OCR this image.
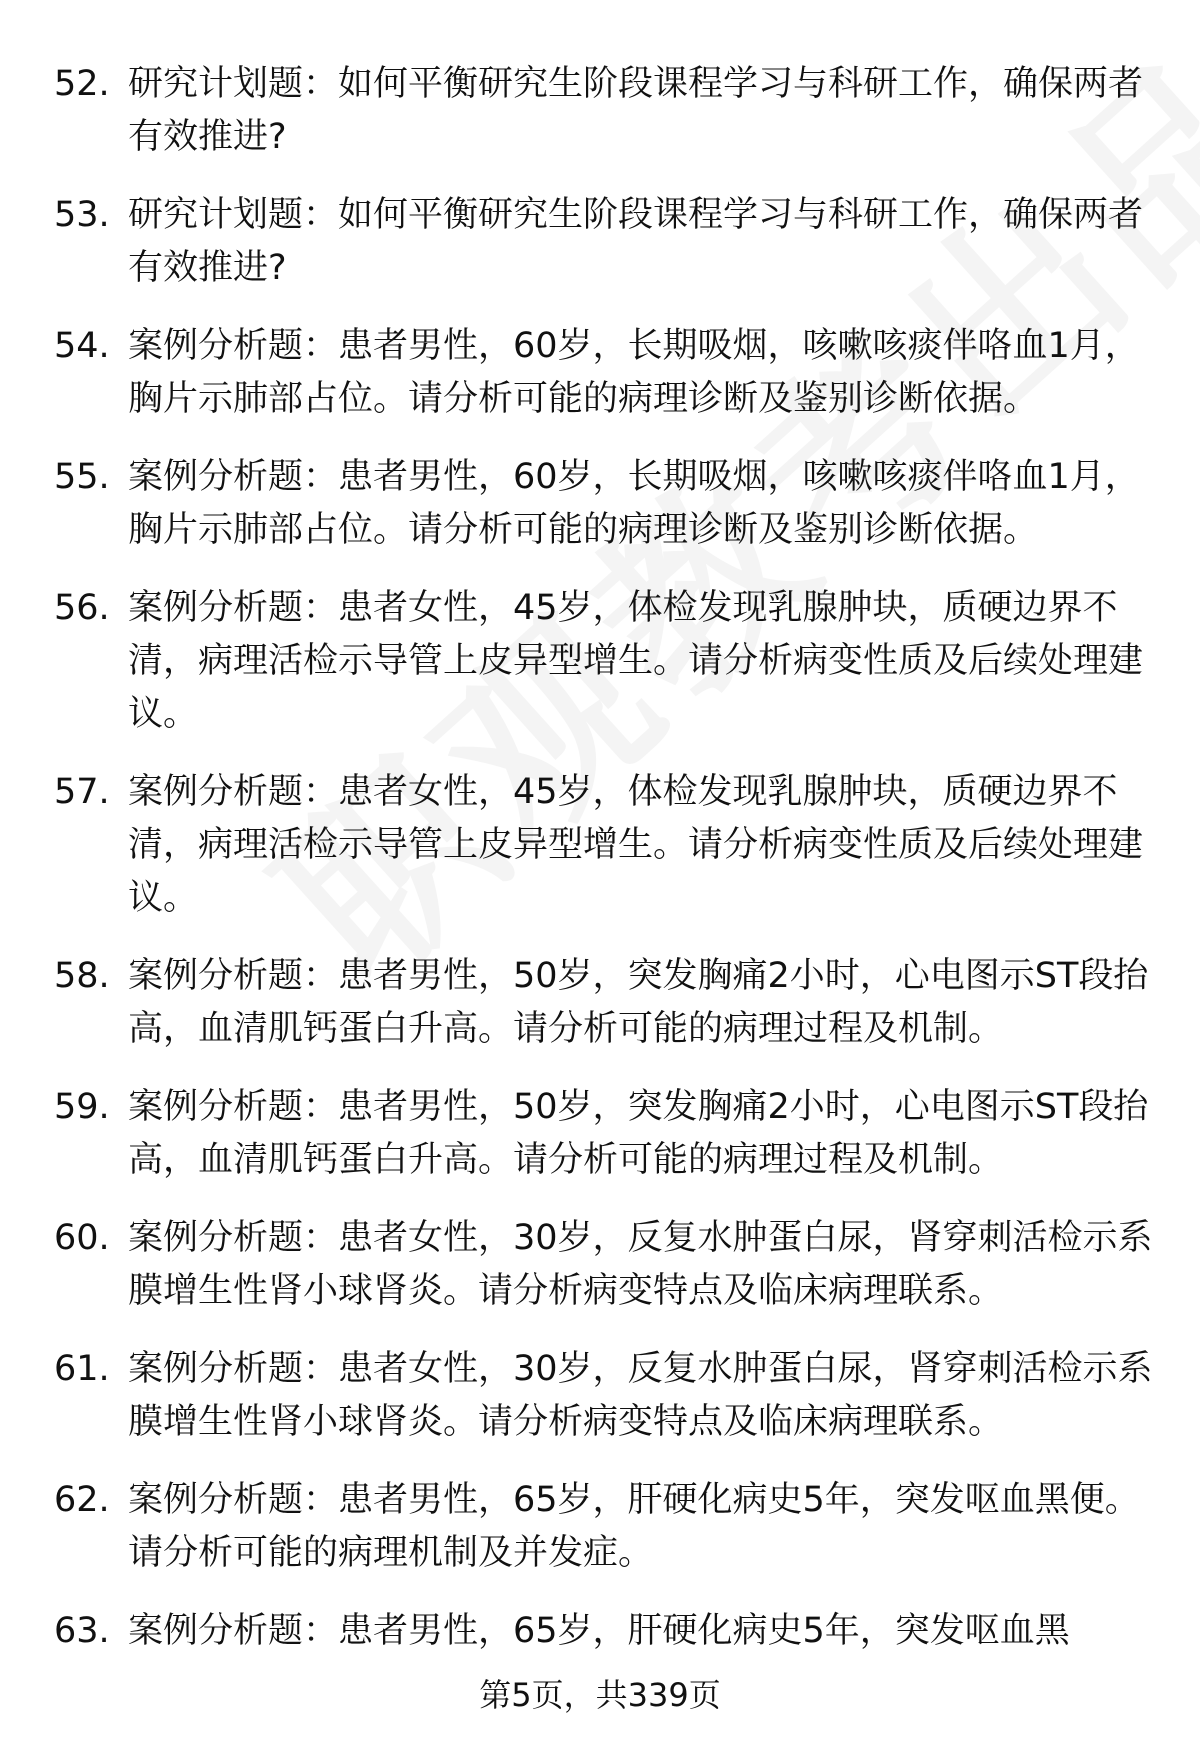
52. 研究计划题：如何平衡研究生阶段课程学习与科研工作，确保两者有效推进?
53. 研究计划题：如何平衡研究生阶段课程学习与科研工作，确保两者有效推进?
54. 案例分析题：患者男性，60岁，长期吸烟，咳嗽咳痰伴咯血1月，胸片示肺部占位。请分析可能的病理诊断及鉴别诊断依据。
55. 案例分析题：患者男性，60岁，长期吸烟，咳嗽咳痰伴咯血1月，胸片示肺部占位。请分析可能的病理诊断及鉴别诊断依据。
56. 案例分析题：患者女性，45岁，体检发现乳腺肿块，质硬边界不清，病理活检示导管上皮异型增生。请分析病变性质及后续处理建议。
57. 案例分析题：患者女性，45岁，体检发现乳腺肿块，质硬边界不清，病理活检示导管上皮异型增生。请分析病变性质及后续处理建议。
58. 案例分析题：患者男性，50岁，突发胸痛2小时，心电图示ST段抬高，血清肌钙蛋白升高。请分析可能的病理过程及机制。
59. 案例分析题：患者男性，50岁，突发胸痛2小时，心电图示ST段抬高，血清肌钙蛋白升高。请分析可能的病理过程及机制。
60. 案例分析题：患者女性，30岁，反复水肿蛋白尿，肾穿刺活检示系膜增生性肾小球肾炎。请分析病变特点及临床病理联系。
61. 案例分析题：患者女性，30岁，反复水肿蛋白尿，肾穿刺活检示系膜增生性肾小球肾炎。请分析病变特点及临床病理联系。
62. 案例分析题：患者男性，65岁，肝硬化病史5年，突发呕血黑便。请分析可能的病理机制及并发症。
63. 案例分析题：患者男性，65岁，肝硬化病史5年，突发呕血黑
第5页，共339页
